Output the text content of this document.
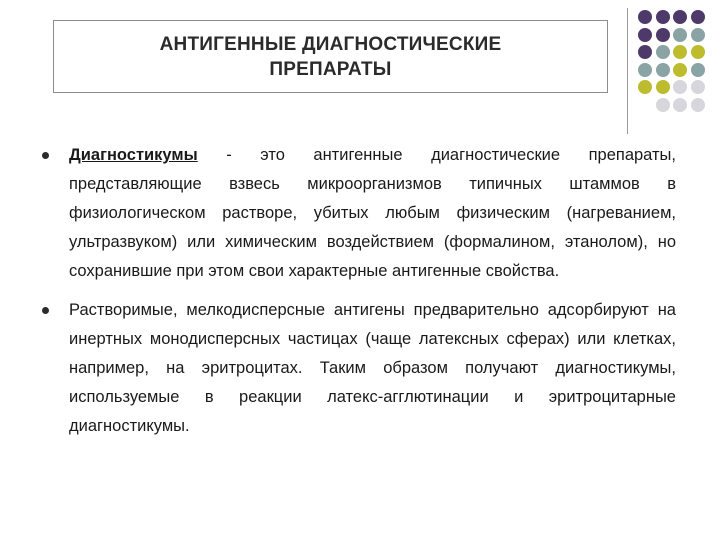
АНТИГЕННЫЕ ДИАГНОСТИЧЕСКИЕ
ПРЕПАРАТЫ
Диагностикумы - это антигенные диагностические препараты, представляющие взвесь микроорганизмов типичных штаммов в физиологическом растворе, убитых любым физическим (нагреванием, ультразвуком) или химическим воздействием (формалином, этанолом), но сохранившие при этом свои характерные антигенные свойства.
Растворимые, мелкодисперсные антигены предварительно адсорбируют на инертных монодисперсных частицах (чаще латексных сферах) или клетках, например, на эритроцитах. Таким образом получают диагностикумы, используемые в реакции латекс-агглютинации и эритроцитарные диагностикумы.
